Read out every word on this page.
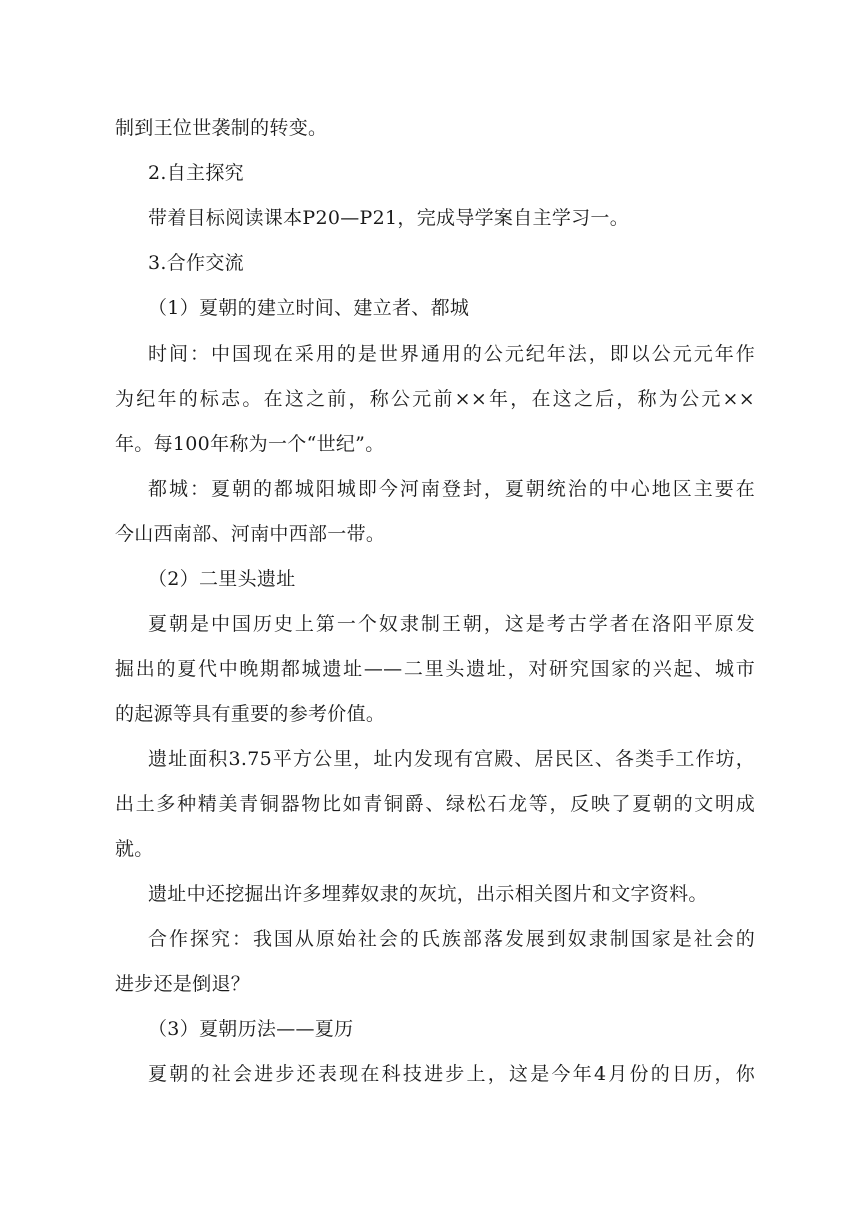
制到王位世袭制的转变。
2.自主探究
带着目标阅读课本P20—P21，完成导学案自主学习一。
3.合作交流
（1）夏朝的建立时间、建立者、都城
时间：中国现在采用的是世界通用的公元纪年法，即以公元元年作
为纪年的标志。在这之前，称公元前××年，在这之后，称为公元××
年。每100年称为一个“世纪”。
都城：夏朝的都城阳城即今河南登封，夏朝统治的中心地区主要在
今山西南部、河南中西部一带。
（2）二里头遗址
夏朝是中国历史上第一个奴隶制王朝，这是考古学者在洛阳平原发
掘出的夏代中晚期都城遗址——二里头遗址，对研究国家的兴起、城市
的起源等具有重要的参考价值。
遗址面积3.75平方公里，址内发现有宫殿、居民区、各类手工作坊，
出土多种精美青铜器物比如青铜爵、绿松石龙等，反映了夏朝的文明成
就。
遗址中还挖掘出许多埋葬奴隶的灰坑，出示相关图片和文字资料。
合作探究：我国从原始社会的氏族部落发展到奴隶制国家是社会的
进步还是倒退？
（3）夏朝历法——夏历
夏朝的社会进步还表现在科技进步上，这是今年4月份的日历，你
